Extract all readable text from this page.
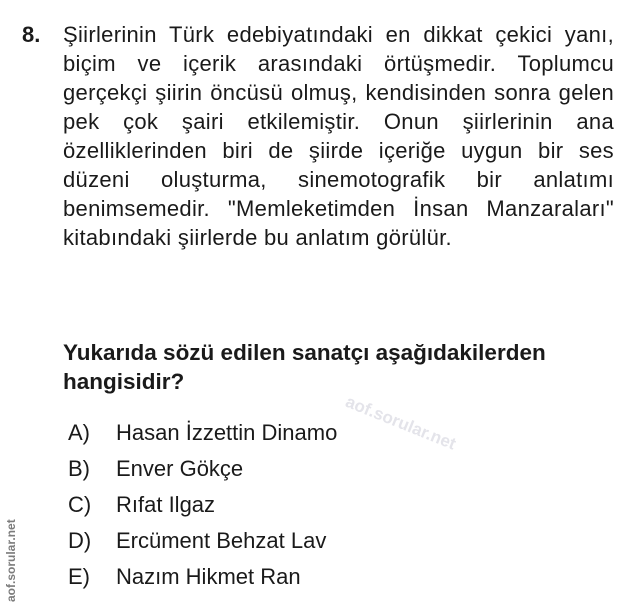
8. Şiirlerinin Türk edebiyatındaki en dikkat çekici yanı, biçim ve içerik arasındaki örtüşmedir. Toplumcu gerçekçi şiirin öncüsü olmuş, kendisinden sonra gelen pek çok şairi etkilemiştir. Onun şiirlerinin ana özelliklerinden biri de şiirde içeriğe uygun bir ses düzeni oluşturma, sinemotografik bir anlatımı benimsemedir. "Memleketimden İnsan Manzaraları" kitabındaki şiirlerde bu anlatım görülür.

Yukarıda sözü edilen sanatçı aşağıdakilerden hangisidir?

A) Hasan İzzettin Dinamo
B) Enver Gökçe
C) Rıfat Ilgaz
D) Ercüment Behzat Lav
E) Nazım Hikmet Ran
aof.sorular.net
aof.sorular.net
